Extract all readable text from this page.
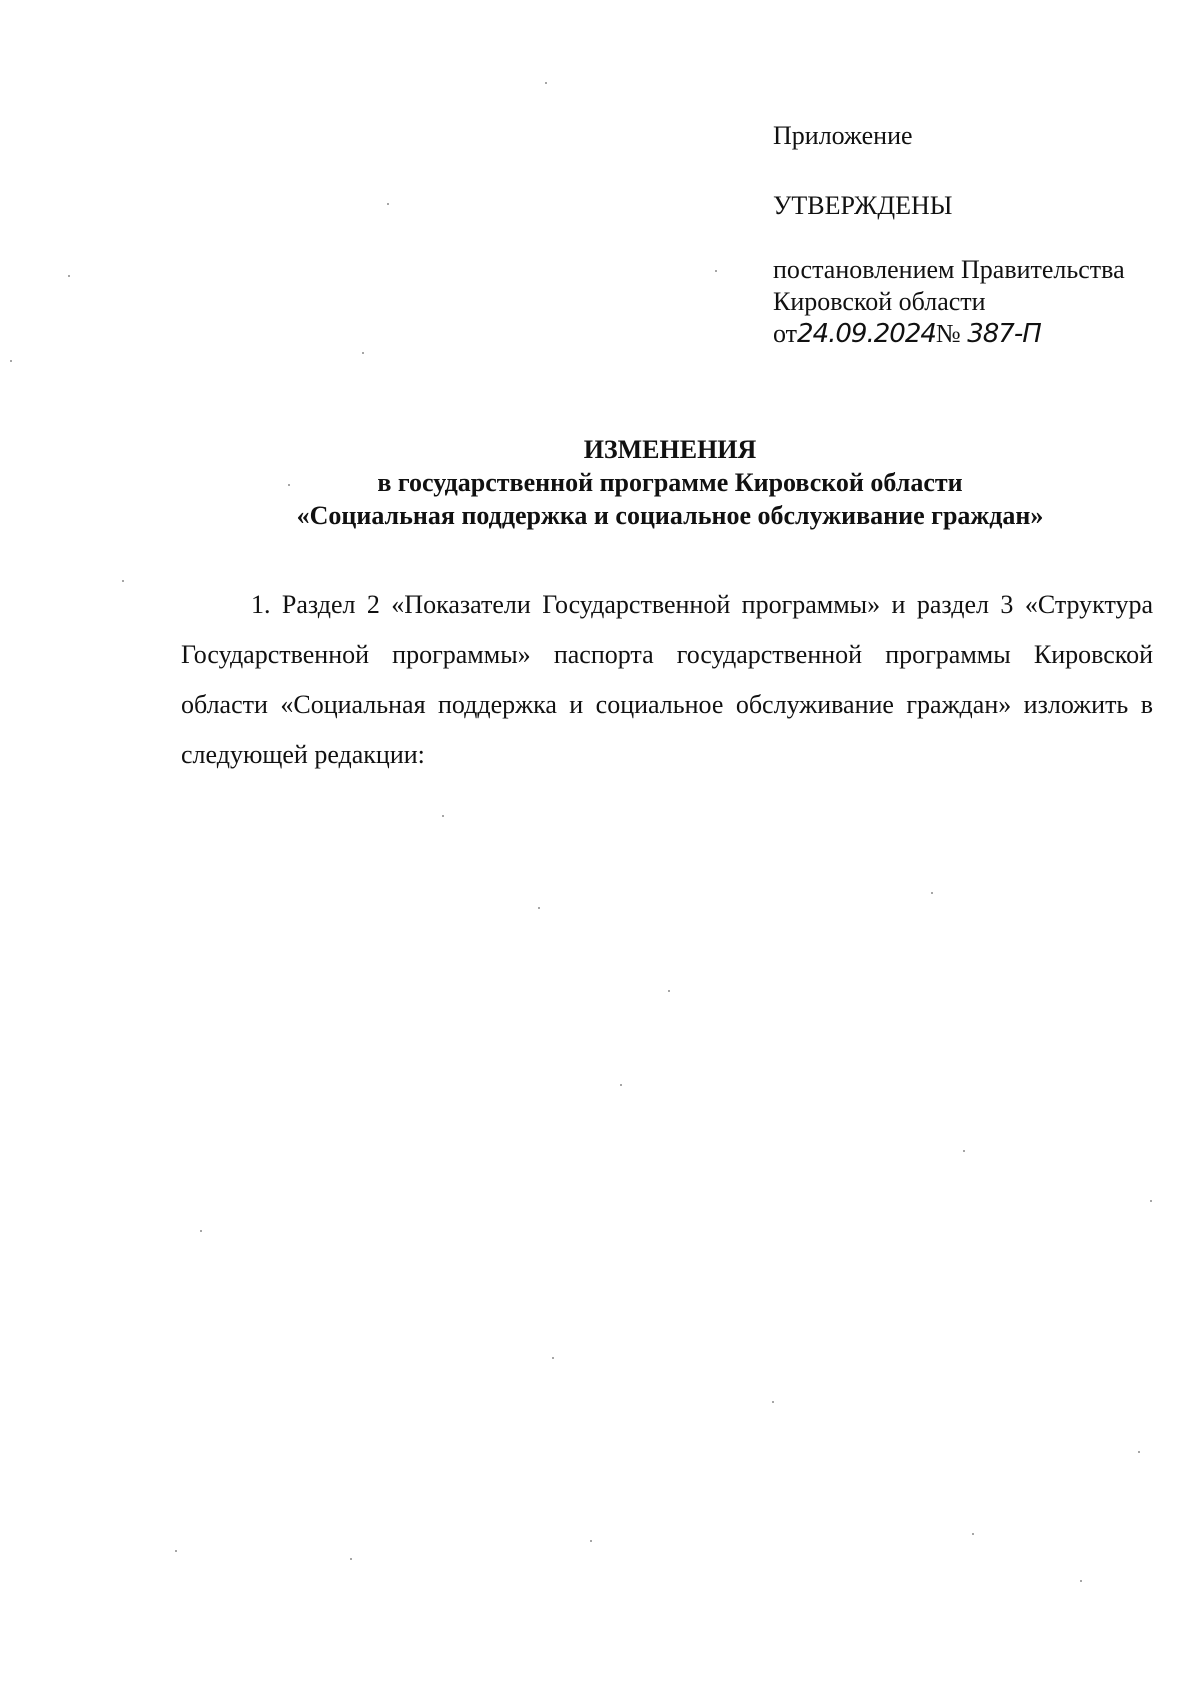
Приложение
УТВЕРЖДЕНЫ
постановлением Правительства
Кировской области
от24.09.2024№ 387-П
ИЗМЕНЕНИЯ
в государственной программе Кировской области
«Социальная поддержка и социальное обслуживание граждан»
1. Раздел 2 «Показатели Государственной программы» и раздел 3 «Структура Государственной программы» паспорта государственной программы Кировской области «Социальная поддержка и социальное обслуживание граждан» изложить в следующей редакции:
